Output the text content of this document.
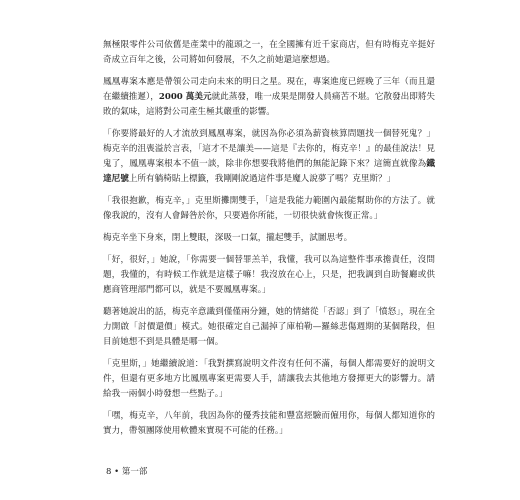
無極限零件公司依舊是產業中的龍頭之一，在全國擁有近千家商店，但有時梅克辛挺好奇成立百年之後，公司將如何發展，不久之前她還這麼想過。

鳳凰專案本應是帶領公司走向未來的明日之星。現在，專案進度已經晚了三年（而且還在繼續推遲），2000 萬美元就此蒸發，唯一成果是開發人員痛苦不堪。它散發出即將失敗的氣味，這將對公司產生極其嚴重的影響。

「你要將最好的人才流放到鳳凰專案，就因為你必須為薪資核算問題找一個替死鬼？」梅克辛的沮喪溢於言表，「這才不是讓美——這是『去你的，梅克辛！』的最佳說法！見鬼了，鳳凰專案根本不值一談，除非你想要我將他們的無能記錄下來？這簡直就像為鐵達尼號上所有躺椅貼上標籤，我剛剛說過這件事是魔人說夢了嗎？克里斯？」

「我很抱歉，梅克辛，」克里斯攤開雙手，「這是我能力範圍內最能幫助你的方法了。就像我說的，沒有人會歸咎於你，只要過你所能，一切很快就會恢復正常。」

梅克辛坐下身來，閉上雙眼，深吸一口氣，攏起雙手，試圖思考。

「好，很好，」她說，「你需要一個替罪羔羊，我懂，我可以為這整件事承擔責任，沒問題，我懂的，有時候工作就是這樣子嘛！我沒放在心上，只是，把我調到自助餐廳或供應商管理部門都可以，就是不要鳳凰專案。」

聽著她說出的話，梅克辛意識到僅僅兩分鐘，她的情緒從「否認」到了「憤怒」，現在全力開啟「討價還價」模式。她很確定自己漏掉了庫柏勒—羅絲悲傷週期的某個階段，但目前她想不到是具體是哪一個。

「克里斯，」她繼續說道：「我對撰寫說明文件沒有任何不滿，每個人都需要好的說明文件，但還有更多地方比鳳凰專案更需要人手，請讓我去其他地方發揮更大的影響力。請給我一兩個小時發想一些點子。」

「嘿，梅克辛，八年前，我因為你的優秀技能和豐富經驗而僱用你，每個人都知道你的實力，帶領團隊使用軟體來實現不可能的任務。」

8 • 第一部
